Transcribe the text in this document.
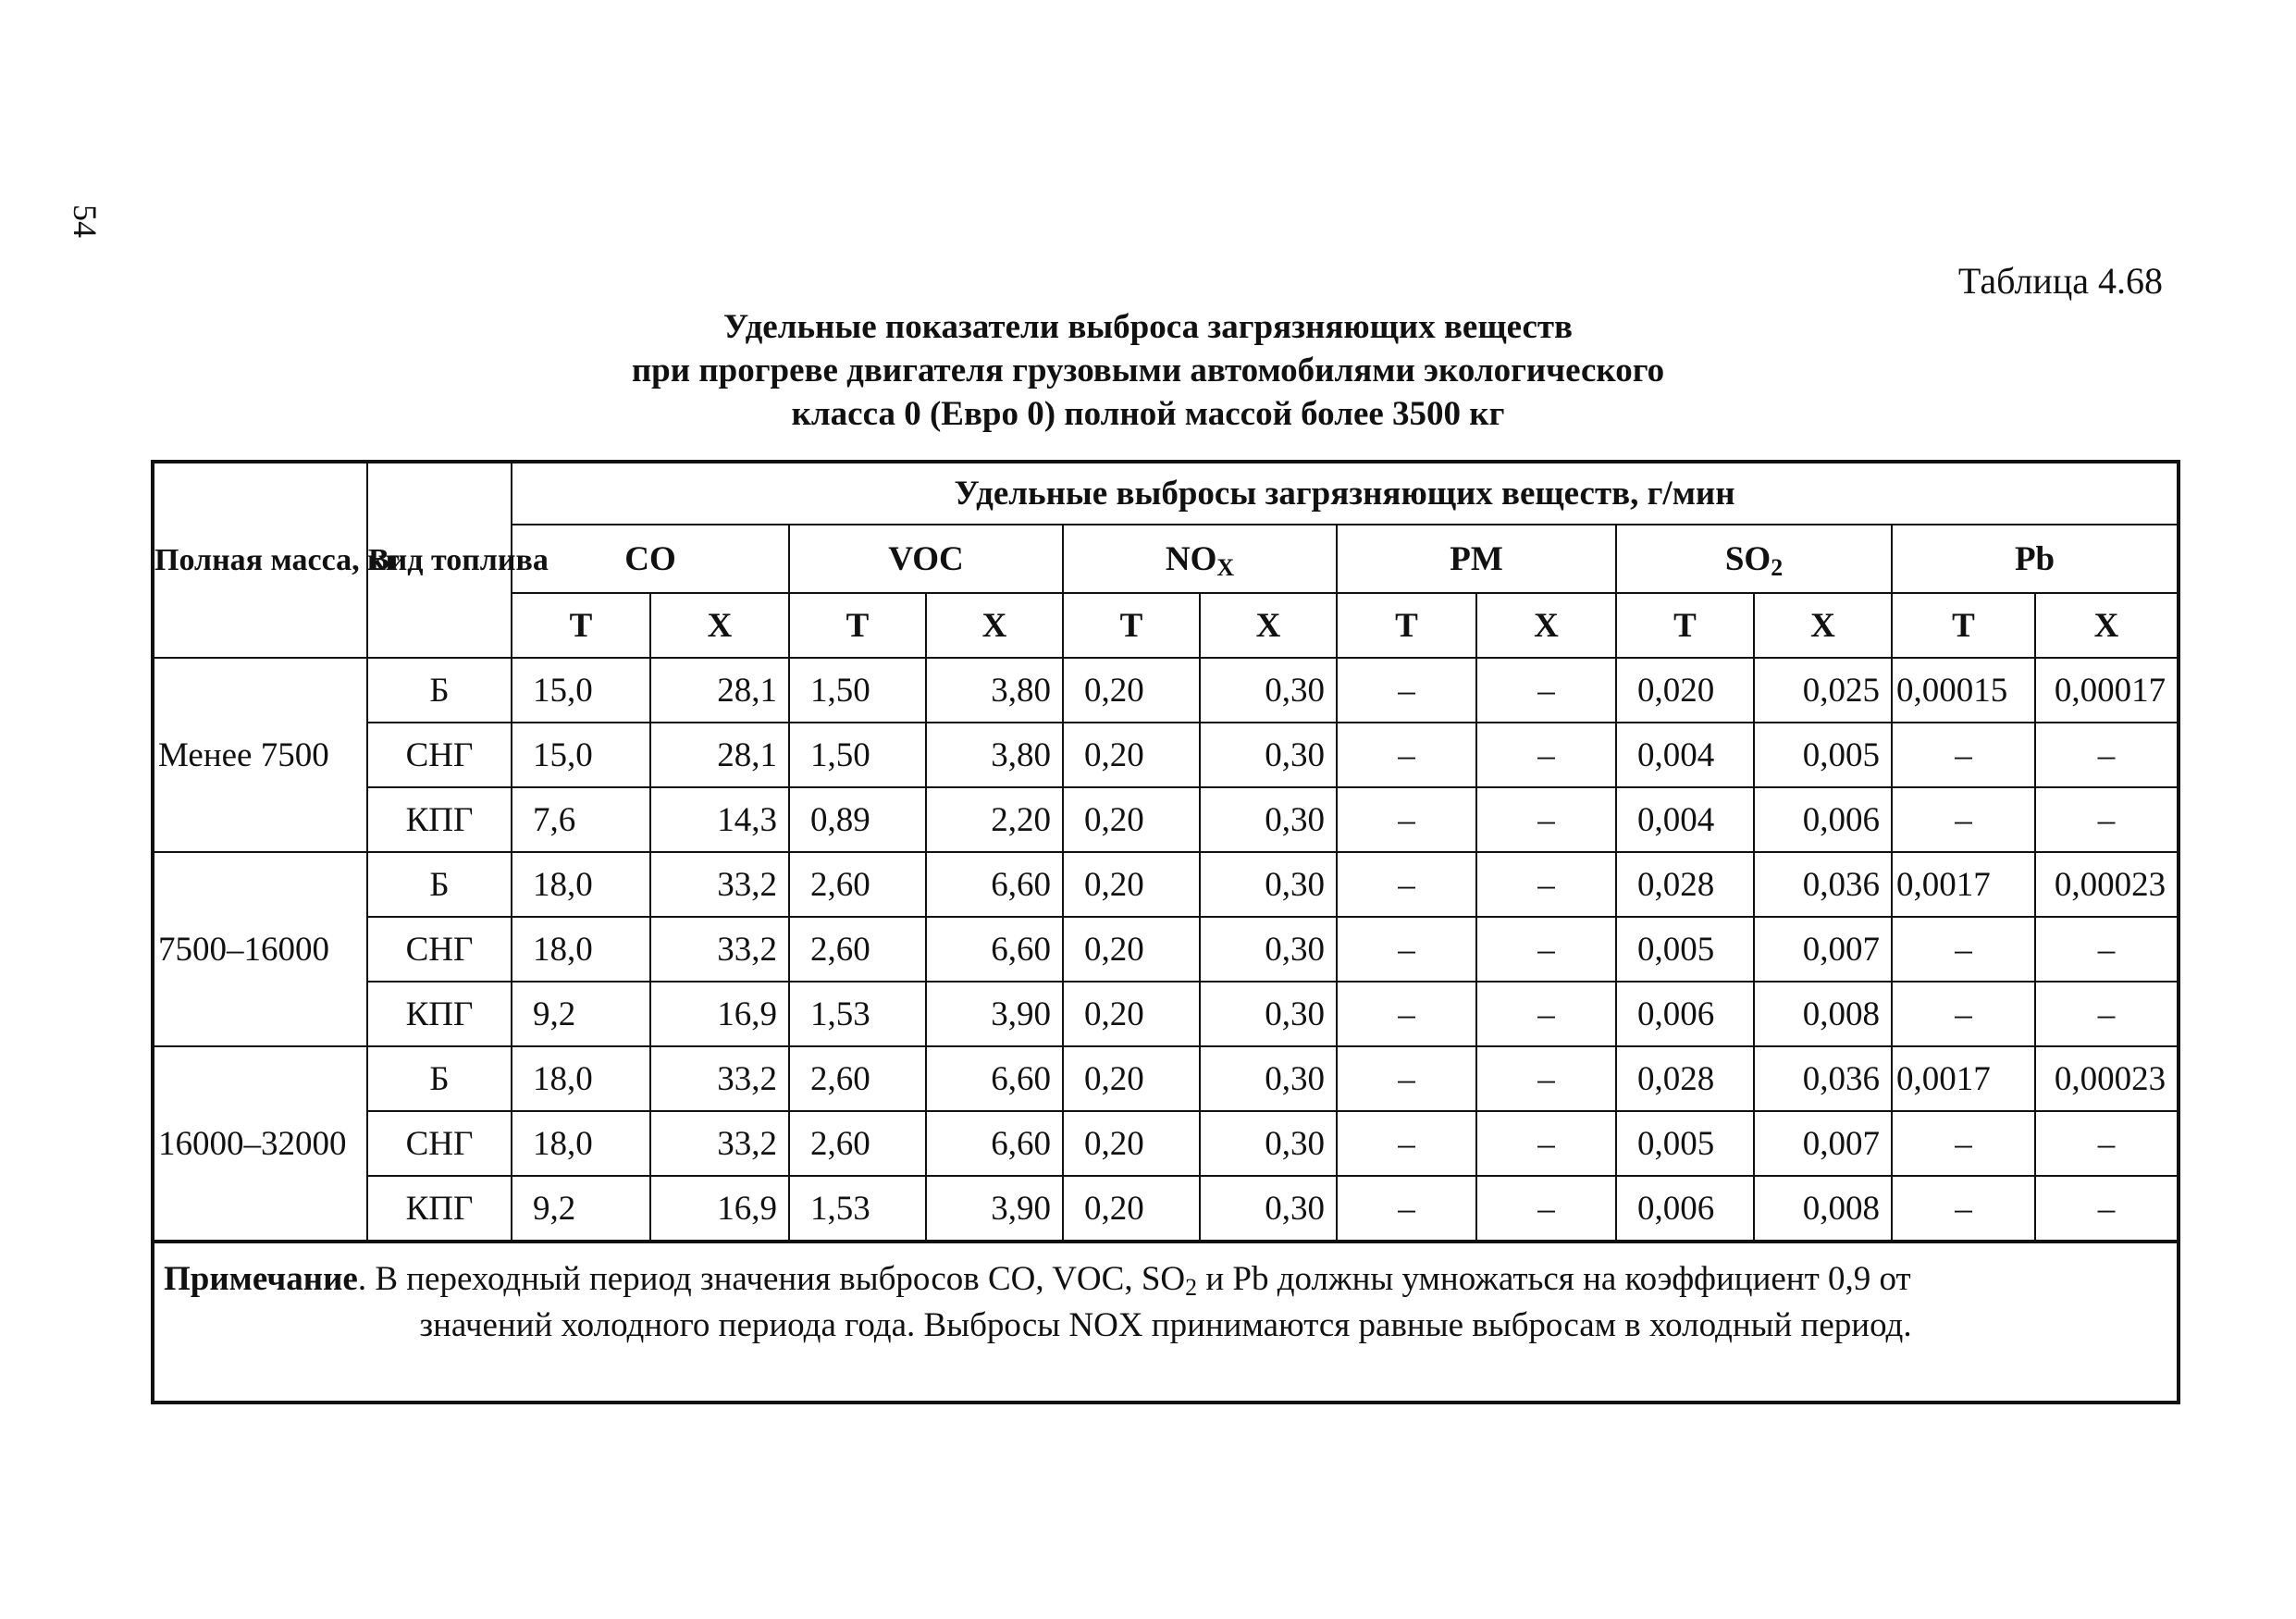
54
Таблица 4.68
Удельные показатели выброса загрязняющих веществ
при прогреве двигателя грузовыми автомобилями экологического
класса 0 (Евро 0) полной массой более 3500 кг
Полная масса, кг	Вид топлива	Удельные выбросы загрязняющих веществ, г/мин											
		CO		VOC		$NO_X$		PM		$SO_2$		Pb	
		Т	Х	Т	Х	Т	Х	Т	Х	Т	Х	Т	Х
Менее 7500	Б	15,0	28,1	1,50	3,80	0,20	0,30	–	–	0,020	0,025	0,00015	0,00017
	СНГ	15,0	28,1	1,50	3,80	0,20	0,30	–	–	0,004	0,005	–	–
	КПГ	7,6	14,3	0,89	2,20	0,20	0,30	–	–	0,004	0,006	–	–
7500–16000	Б	18,0	33,2	2,60	6,60	0,20	0,30	–	–	0,028	0,036	0,0017	0,00023
	СНГ	18,0	33,2	2,60	6,60	0,20	0,30	–	–	0,005	0,007	–	–
	КПГ	9,2	16,9	1,53	3,90	0,20	0,30	–	–	0,006	0,008	–	–
16000–32000	Б	18,0	33,2	2,60	6,60	0,20	0,30	–	–	0,028	0,036	0,0017	0,00023
	СНГ	18,0	33,2	2,60	6,60	0,20	0,30	–	–	0,005	0,007	–	–
	КПГ	9,2	16,9	1,53	3,90	0,20	0,30	–	–	0,006	0,008	–	–
Примечание. В переходный период значения выбросов CO, VOC, $SO_2$ и Pb должны умножаться на коэффициент 0,9 от
значений холодного периода года. Выбросы NOX принимаются равные выбросам в холодный период.													
